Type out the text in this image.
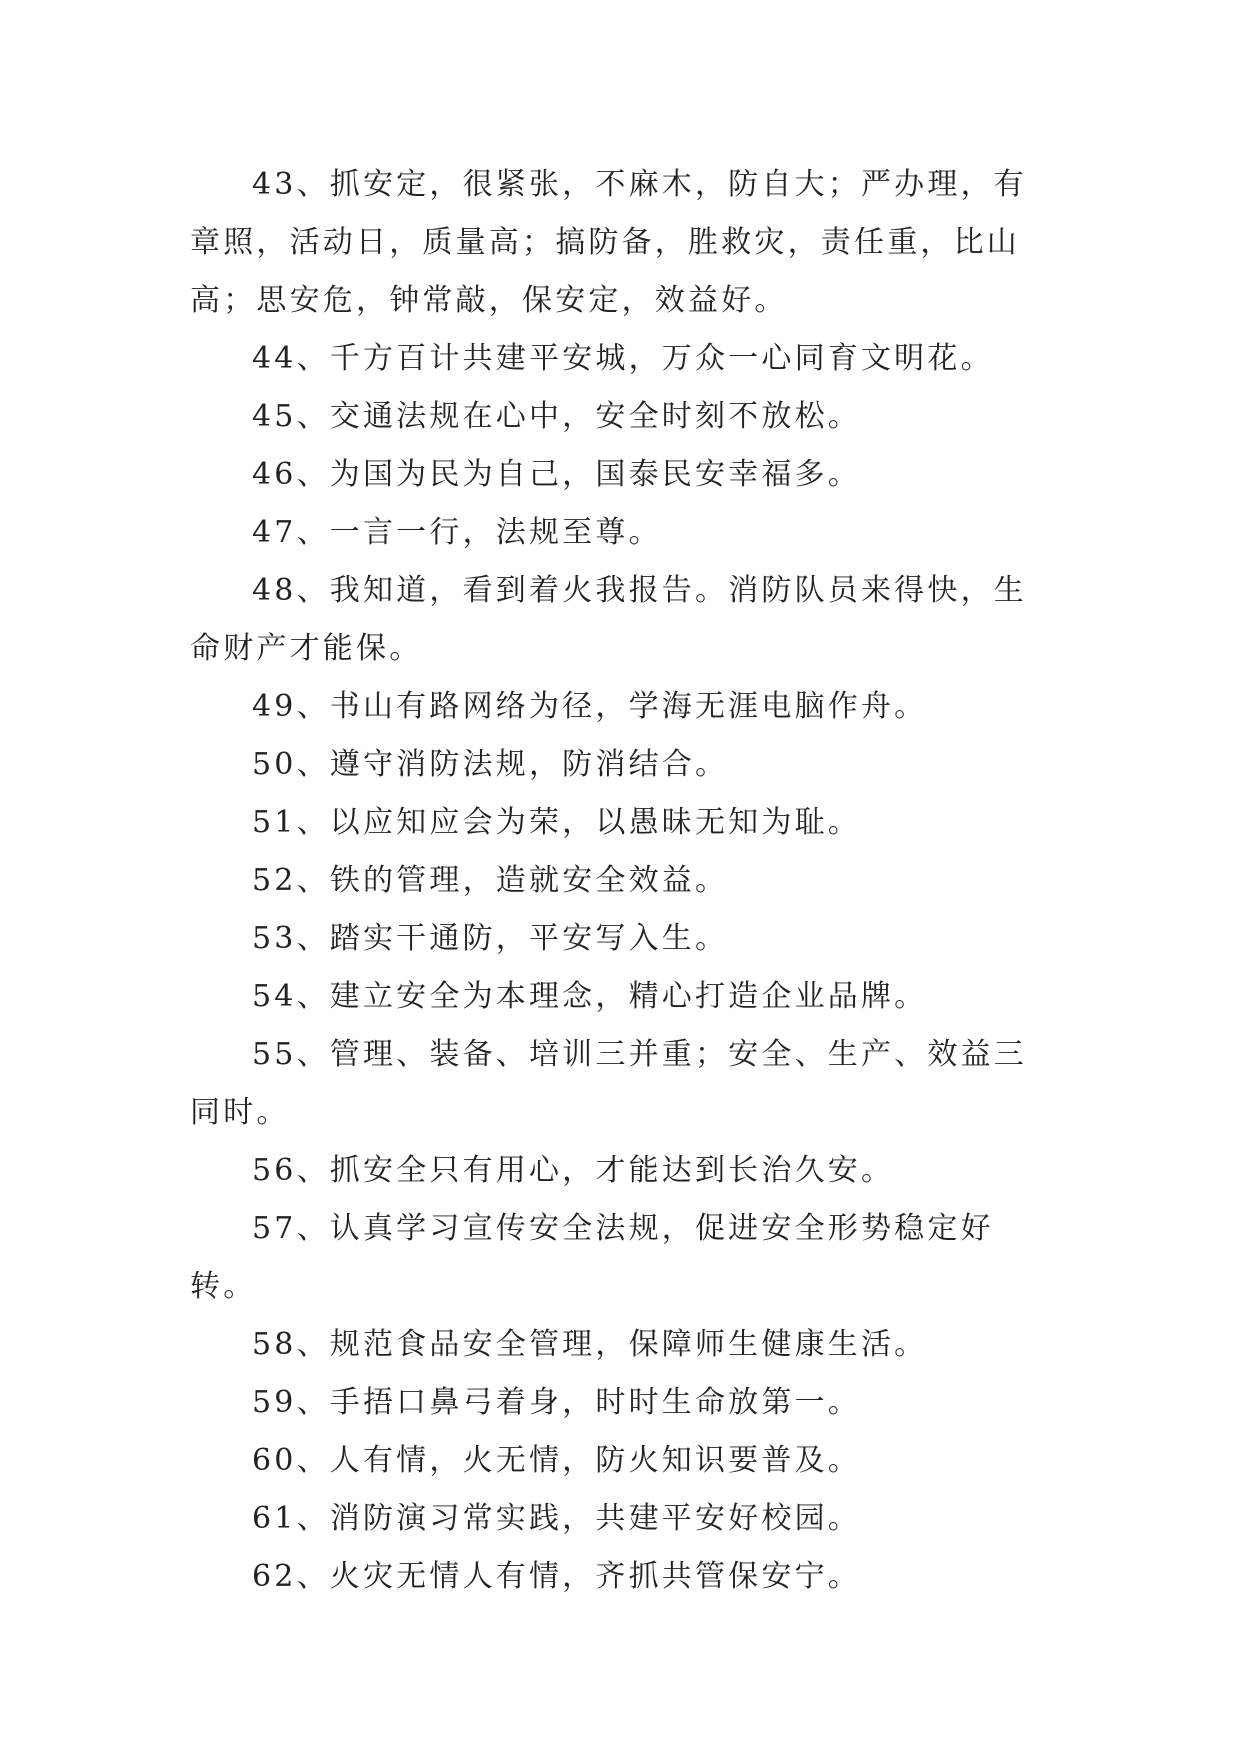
43、抓安定，很紧张，不麻木，防自大；严办理，有章照，活动日，质量高；搞防备，胜救灾，责任重，比山高；思安危，钟常敲，保安定，效益好。

44、千方百计共建平安城，万众一心同育文明花。

45、交通法规在心中，安全时刻不放松。

46、为国为民为自己，国泰民安幸福多。

47、一言一行，法规至尊。

48、我知道，看到着火我报告。消防队员来得快，生命财产才能保。

49、书山有路网络为径，学海无涯电脑作舟。

50、遵守消防法规，防消结合。

51、以应知应会为荣，以愚昧无知为耻。

52、铁的管理，造就安全效益。

53、踏实干通防，平安写入生。

54、建立安全为本理念，精心打造企业品牌。

55、管理、装备、培训三并重；安全、生产、效益三同时。

56、抓安全只有用心，才能达到长治久安。

57、认真学习宣传安全法规，促进安全形势稳定好转。

58、规范食品安全管理，保障师生健康生活。

59、手捂口鼻弓着身，时时生命放第一。

60、人有情，火无情，防火知识要普及。

61、消防演习常实践，共建平安好校园。

62、火灾无情人有情，齐抓共管保安宁。
